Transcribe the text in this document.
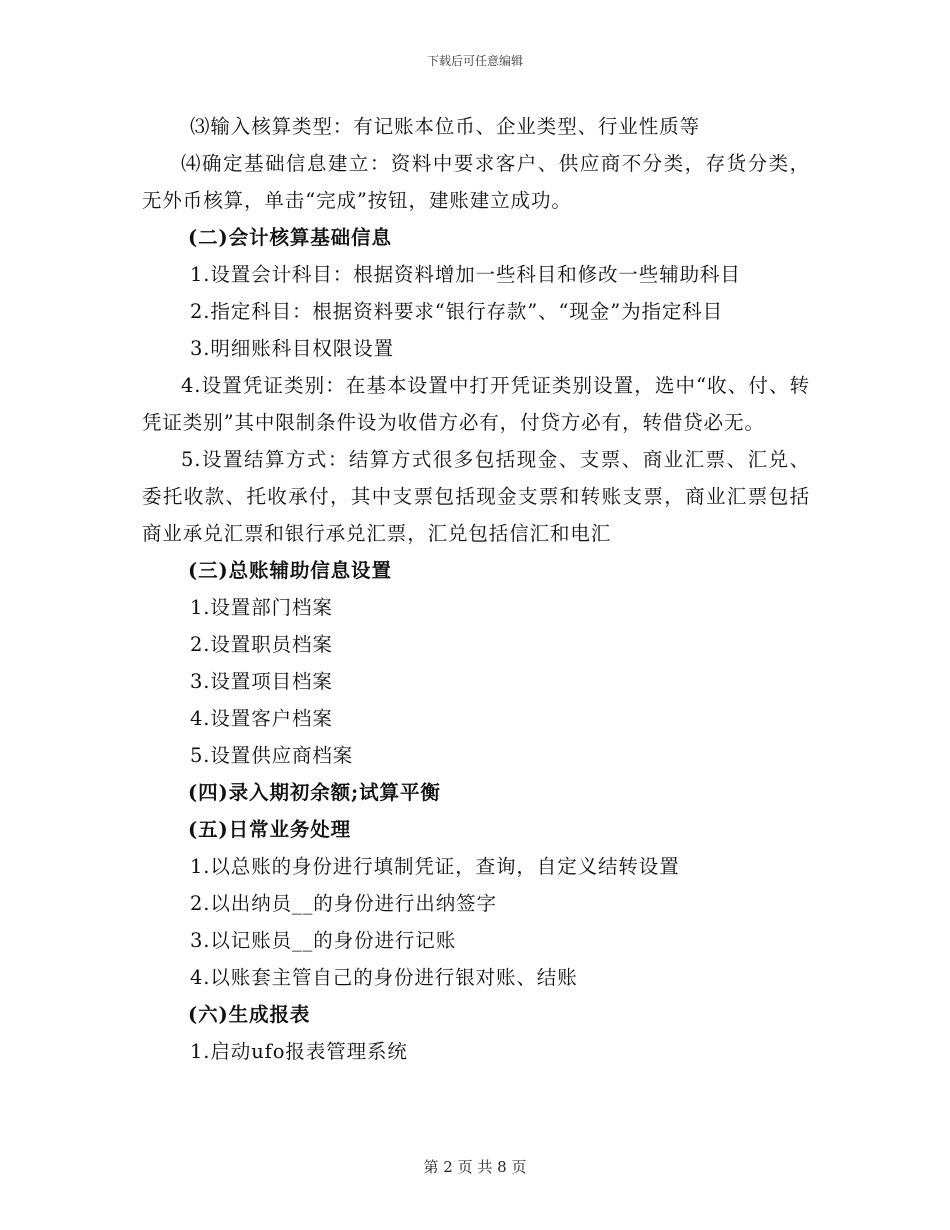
下载后可任意编辑
⑶输入核算类型：有记账本位币、企业类型、行业性质等
⑷确定基础信息建立：资料中要求客户、供应商不分类，存货分类，无外币核算，单击“完成”按钮，建账建立成功。
(二)会计核算基础信息
1.设置会计科目：根据资料增加一些科目和修改一些辅助科目
2.指定科目：根据资料要求“银行存款”、“现金”为指定科目
3.明细账科目权限设置
4.设置凭证类别：在基本设置中打开凭证类别设置，选中“收、付、转凭证类别”其中限制条件设为收借方必有，付贷方必有，转借贷必无。
5.设置结算方式：结算方式很多包括现金、支票、商业汇票、汇兑、委托收款、托收承付，其中支票包括现金支票和转账支票，商业汇票包括商业承兑汇票和银行承兑汇票，汇兑包括信汇和电汇
(三)总账辅助信息设置
1.设置部门档案
2.设置职员档案
3.设置项目档案
4.设置客户档案
5.设置供应商档案
(四)录入期初余额;试算平衡
(五)日常业务处理
1.以总账的身份进行填制凭证，查询，自定义结转设置
2.以出纳员__的身份进行出纳签字
3.以记账员__的身份进行记账
4.以账套主管自己的身份进行银对账、结账
(六)生成报表
1.启动ufo报表管理系统
第 2 页 共 8 页
